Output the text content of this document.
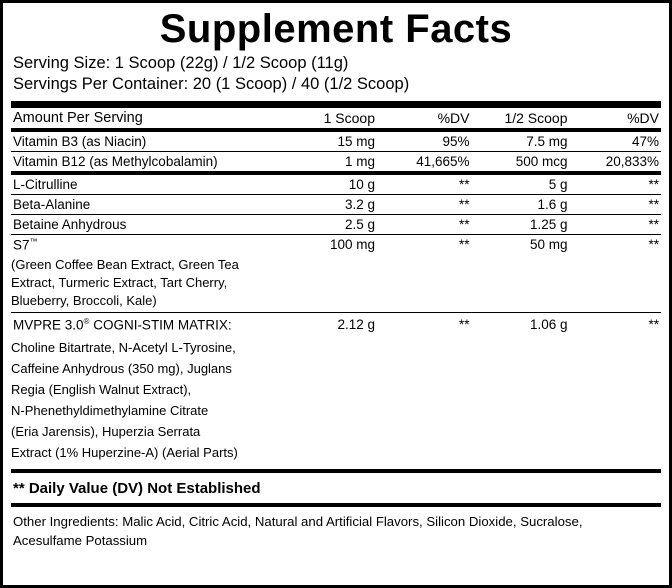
Supplement Facts
Serving Size: 1 Scoop (22g) / 1/2 Scoop (11g)
Servings Per Container: 20 (1 Scoop) / 40 (1/2 Scoop)
Amount Per Serving	1 Scoop	%DV	1/2 Scoop	%DV
Vitamin B3 (as Niacin)	15 mg	95%	7.5 mg	47%
Vitamin B12 (as Methylcobalamin)	1 mg	41,665%	500 mcg	20,833%
L-Citrulline	10 g	**	5 g	**
Beta-Alanine	3.2 g	**	1.6 g	**
Betaine Anhydrous	2.5 g	**	1.25 g	**
S7™	100 mg	**	50 mg	**

(Green Coffee Bean Extract, Green Tea
Extract, Turmeric Extract, Tart Cherry,
Blueberry, Broccoli, Kale)				

MVPRE 3.0® COGNI-STIM MATRIX:	2.12 g	**	1.06 g	**

Choline Bitartrate, N-Acetyl L-Tyrosine,
Caffeine Anhydrous (350 mg), Juglans
Regia (English Walnut Extract),
N-Phenethyldimethylamine Citrate
(Eria Jarensis), Huperzia Serrata
Extract (1% Huperzine-A) (Aerial Parts)
** Daily Value (DV) Not Established
Other Ingredients: Malic Acid, Citric Acid, Natural and Artificial Flavors, Silicon Dioxide, Sucralose,
Acesulfame Potassium
